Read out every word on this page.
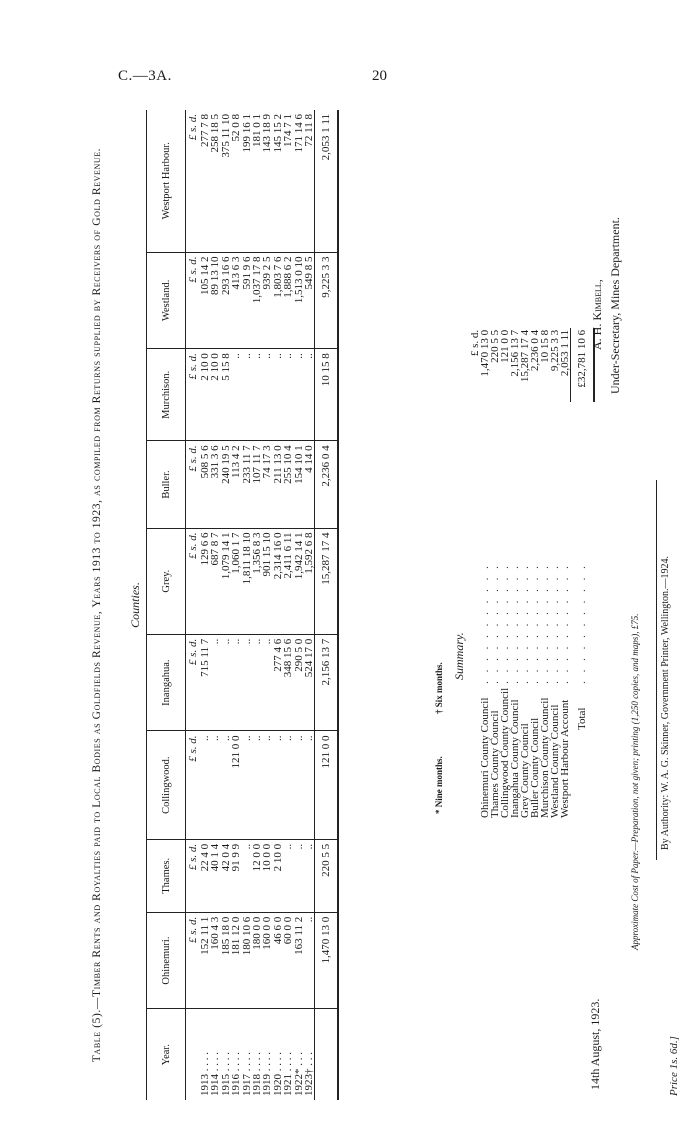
C.—3A.	20
Table (5).—Timber Rents and Royalties paid to Local Bodies as Goldfields Revenue, Years 1913 to 1923, as compiled from Returns supplied by Receivers of Gold Revenue. Counties.
Year.	Ohinemuri.	Thames.	Collingwood.	Inangahua.	Grey.	Buller.	Murchison.	Westland.	Westport Harbour.
	£ s. d.	£ s. d.	£ s. d.	£ s. d.	£ s. d.	£ s. d.	£ s. d.	£ s. d.	£ s. d.
1913 . . . .	152 11 1	22 4 0	..	715 11 7	129 6 6	508 5 6	2 10 0	105 14 2	277 7 8
1914 . . . .	160 4 3	40 1 4	..	..	687 8 7	331 3 6	2 10 0	89 13 10	258 18 5
1915 . . . .	185 18 0	42 0 4	..	..	1,079 14 1	240 19 5	5 15 8	293 16 6	375 11 10
1916 . . . .	181 12 0	91 9 9	121 0 0	..	1,060 1 7	113 4 2	..	413 6 3	52 0 8
1917 . . . .	180 10 6	..	..	..	1,811 18 10	233 11 7	..	591 9 6	199 16 1
1918 . . . .	180 0 0	12 0 0	..	..	1,356 8 3	107 11 7	..	1,037 17 8	181 0 1
1919 . . . .	160 0 0	10 0 0	..	..	901 15 10	74 17 3	..	939 2 5	143 18 9
1920 . . . .	46 6 0	2 10 0	..	277 4 6	2,314 16 0	211 13 0	..	1,803 7 6	145 15 2
1921 . . . .	60 0 0	..	..	348 15 6	2,411 6 11	255 10 4	..	1,888 6 2	174 7 1
1922* . . .	163 11 2	..	..	290 5 0	1,942 14 1	154 10 1	..	1,513 0 10	171 14 6
1923† . . .	..	..	..	524 17 0	1,592 6 8	4 14 0	..	549 8 5	72 11 8
	1,470 13 0	220 5 5	121 0 0	2,156 13 7	15,287 17 4	2,236 0 4	10 15 8	9,225 3 3	2,053 1 11
* Nine months.
† Six months.
Summary.
		£ s. d.
Ohinemuri County Council	. . . . . . . . . . .	1,470 13 0
Thames County Council	. . . . . . . . . . .	220 5 5
Collingwood County Council	. . . . . . . . . . .	121 0 0
Inangahua County Council	. . . . . . . . . . .	2,156 13 7
Grey County Council	. . . . . . . . . . .	15,287 17 4
Buller County Council	. . . . . . . . . . .	2,236 0 4
Murchison County Council	. . . . . . . . . . .	10 15 8
Westland County Council	. . . . . . . . . . .	9,225 3 3
Westport Harbour Account	. . . . . . . . . . .	2,053 1 11
Total	. . . . . . . . . . .	£32,781 10 6
14th August, 1923.
A. H. Kimbell, Under-Secretary, Mines Department.
Approximate Cost of Paper.—Preparation, not given; printing (1,250 copies, and maps), £75. By Authority: W. A. G. Skinner, Government Printer, Wellington.—1924.
Price 1s. 6d.]
